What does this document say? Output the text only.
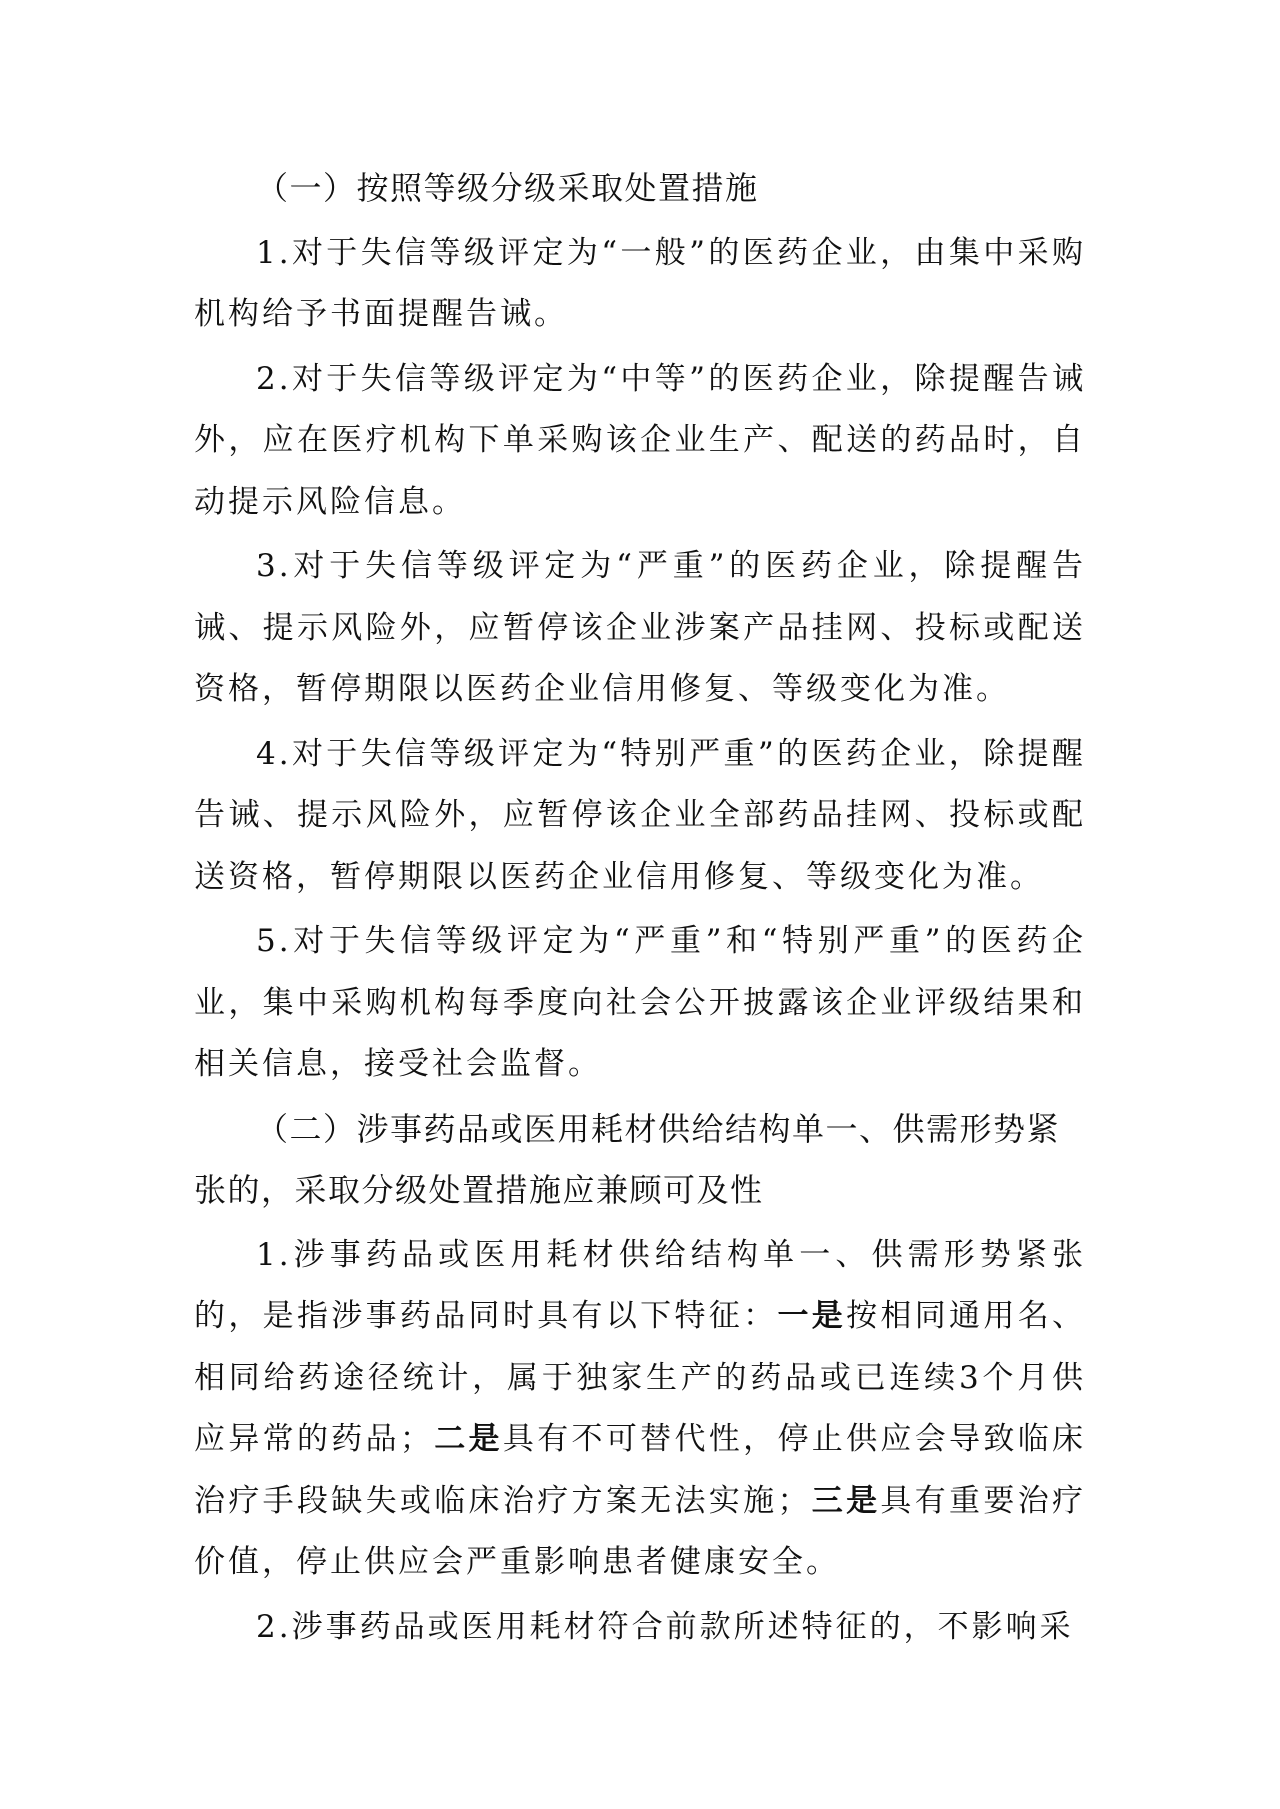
（一）按照等级分级采取处置措施

1.对于失信等级评定为“一般”的医药企业，由集中采购机构给予书面提醒告诫。

2.对于失信等级评定为“中等”的医药企业，除提醒告诫外，应在医疗机构下单采购该企业生产、配送的药品时，自动提示风险信息。

3.对于失信等级评定为“严重”的医药企业，除提醒告诫、提示风险外，应暂停该企业涉案产品挂网、投标或配送资格，暂停期限以医药企业信用修复、等级变化为准。

4.对于失信等级评定为“特别严重”的医药企业，除提醒告诫、提示风险外，应暂停该企业全部药品挂网、投标或配送资格，暂停期限以医药企业信用修复、等级变化为准。

5.对于失信等级评定为“严重”和“特别严重”的医药企业，集中采购机构每季度向社会公开披露该企业评级结果和相关信息，接受社会监督。

（二）涉事药品或医用耗材供给结构单一、供需形势紧张的，采取分级处置措施应兼顾可及性

1.涉事药品或医用耗材供给结构单一、供需形势紧张的，是指涉事药品同时具有以下特征：一是按相同通用名、相同给药途径统计，属于独家生产的药品或已连续3个月供应异常的药品；二是具有不可替代性，停止供应会导致临床治疗手段缺失或临床治疗方案无法实施；三是具有重要治疗价值，停止供应会严重影响患者健康安全。

2.涉事药品或医用耗材符合前款所述特征的，不影响采
